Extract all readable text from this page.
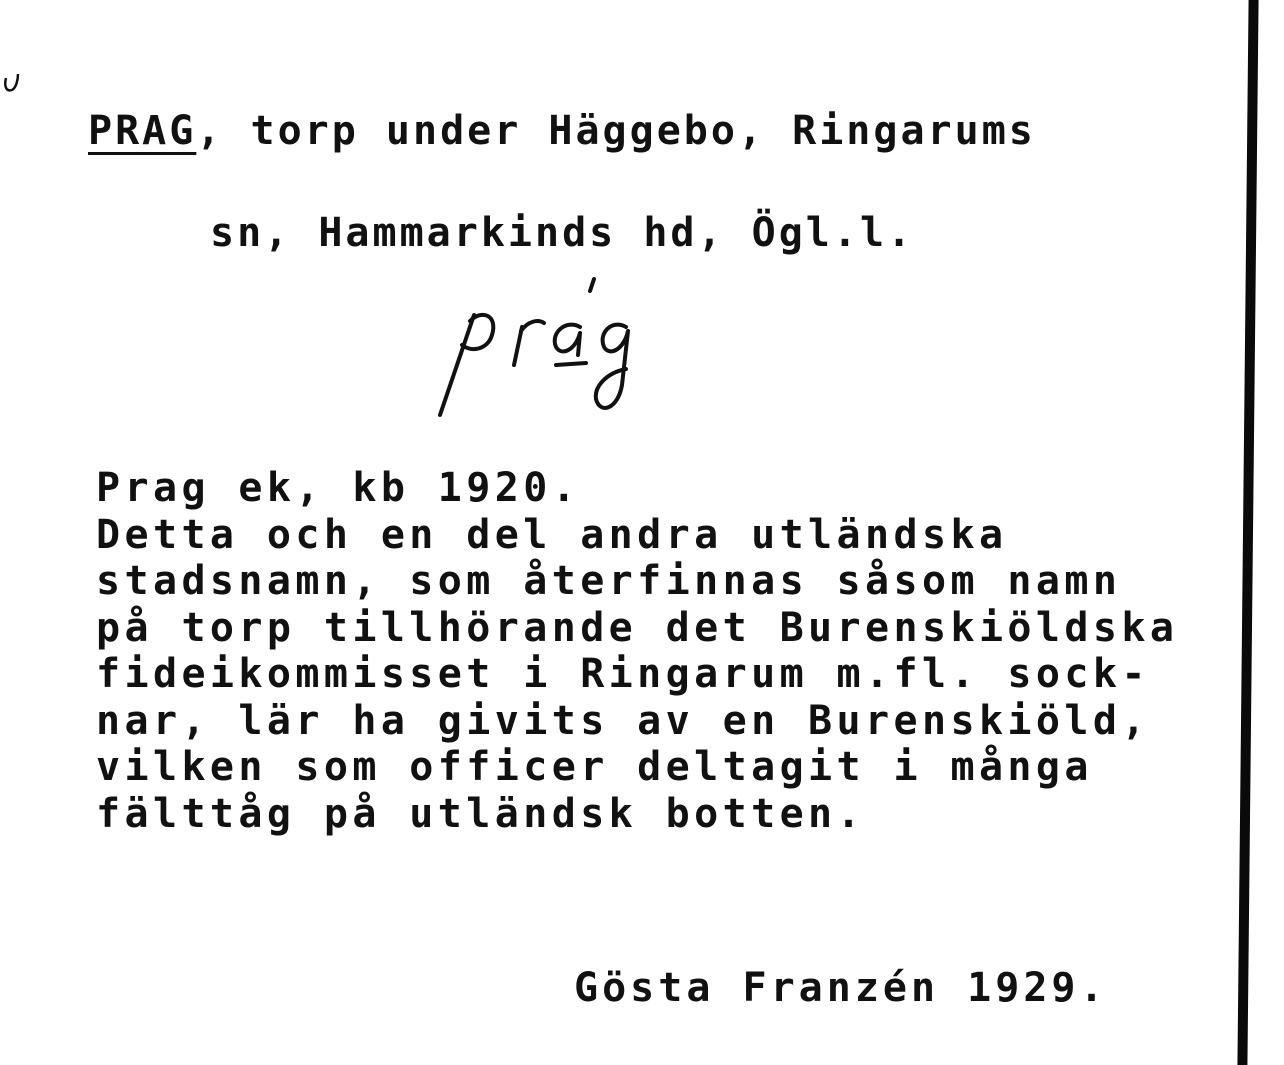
PRAG, torp under Häggebo, Ringarums
sn, Hammarkinds hd, Ögl.l.
Prag ek, kb 1920.
Detta och en del andra utländska
stadsnamn, som återfinnas såsom namn
på torp tillhörande det Burenskiöldska
fideikommisset i Ringarum m.fl. sock-
nar, lär ha givits av en Burenskiöld,
vilken som officer deltagit i många
fälttåg på utländsk botten.
Gösta Franzén 1929.
